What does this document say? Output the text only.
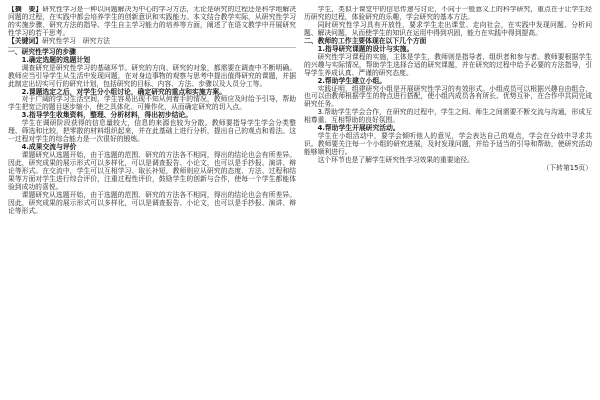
【摘　要】研究性学习是一种以问题解决为中心的学习方法，无论是研究的过程还是科学地解决问题的过程，在实践中都会培养学生的创新意识和实践能力。本文结合教学实际，从研究性学习的实施步骤、研究方法的指导、学生自主学习能力的培养等方面，阐述了在语文教学中开展研究性学习的若干思考。

【关键词】研究性学习　研究方法

一、研究性学习的步骤

1.确定选题的选题计划

调查研究是研究性学习的基础环节。研究的方向、研究的对象，都需要在调查中不断明确。教师应当引导学生从生活中发现问题，在对身边事物的观察与思考中提出值得研究的课题，并据此制定出切实可行的研究计划，包括研究的目标、内容、方法、步骤以及人员分工等。

2.课题选定之后，对学生分小组讨论，确定研究的重点和实施方案。

对于广阔的学习生活空间，学生容易出现不知从何着手的情况，教师应及时给予引导，帮助学生把宽泛的题目逐步缩小，使之具体化、可操作化，从而确定研究的切入点。

3.指导学生收集资料，整理、分析材料，得出初步结论。

学生在调研阶段获得的信息量较大，信息的来源也较为分散。教师要指导学生学会分类整理、筛选和比较，把零散的材料组织起来，并在此基础上进行分析，提出自己的观点和看法。这一过程对学生的综合能力是一次很好的锻炼。

4.成果交流与评价

课题研究从选题开始，由于选题的范围、研究的方法各不相同，得出的结论也会有所差异。因此，研究成果的展示形式可以多样化，可以是调查报告、小论文，也可以是手抄报、演讲、辩论等形式。在交流中，学生可以互相学习、取长补短，教师则应从研究的态度、方法、过程和结果等方面对学生进行综合评价，注重过程性评价，鼓励学生的创新与合作，使每一个学生都能体验到成功的喜悦。

课题研究从选题开始，由于选题的范围、研究的方法各不相同，得出的结论也会有所差异。因此，研究成果的展示形式可以多样化，可以是调查报告、小论文，也可以是手抄报、演讲、辩论等形式。

学生，类似于课堂中的信息传递与讨论，不同于一般意义上的科学研究，重点在于让学生经历研究的过程，体验研究的乐趣，学会研究的基本方法。

同时研究性学习具有开放性，要求学生走出课堂、走向社会，在实践中发现问题、分析问题、解决问题，从而使学生的知识在运用中得到巩固，能力在实践中得到提高。

二、教师的工作主要体现在以下几个方面

1.指导研究课题的设计与实施。

研究性学习课程的实施，主体是学生，教师则是指导者、组织者和参与者。教师要根据学生的兴趣与实际情况，帮助学生选择合适的研究课题，并在研究的过程中给予必要的方法指导，引导学生养成认真、严谨的研究态度。

2.帮助学生建立小组。

实践证明，组建研究小组是开展研究性学习的有效形式。小组成员可以根据兴趣自由组合，也可以由教师根据学生的特点进行搭配，使小组内成员各有所长、优势互补，在合作中共同完成研究任务。

3.帮助学生学会合作，在研究的过程中，学生之间、师生之间需要不断交流与沟通，形成互相尊重、互相帮助的良好氛围。

4.帮助学生开展研究活动。

学生在小组活动中，要学会倾听他人的意见，学会表达自己的观点，学会在分歧中寻求共识。教师要关注每一个小组的研究进展，及时发现问题，并给予适当的引导和帮助，使研究活动能够顺利进行。

这个环节也是了解学生研究性学习效果的重要途径。

（下转第15页）
